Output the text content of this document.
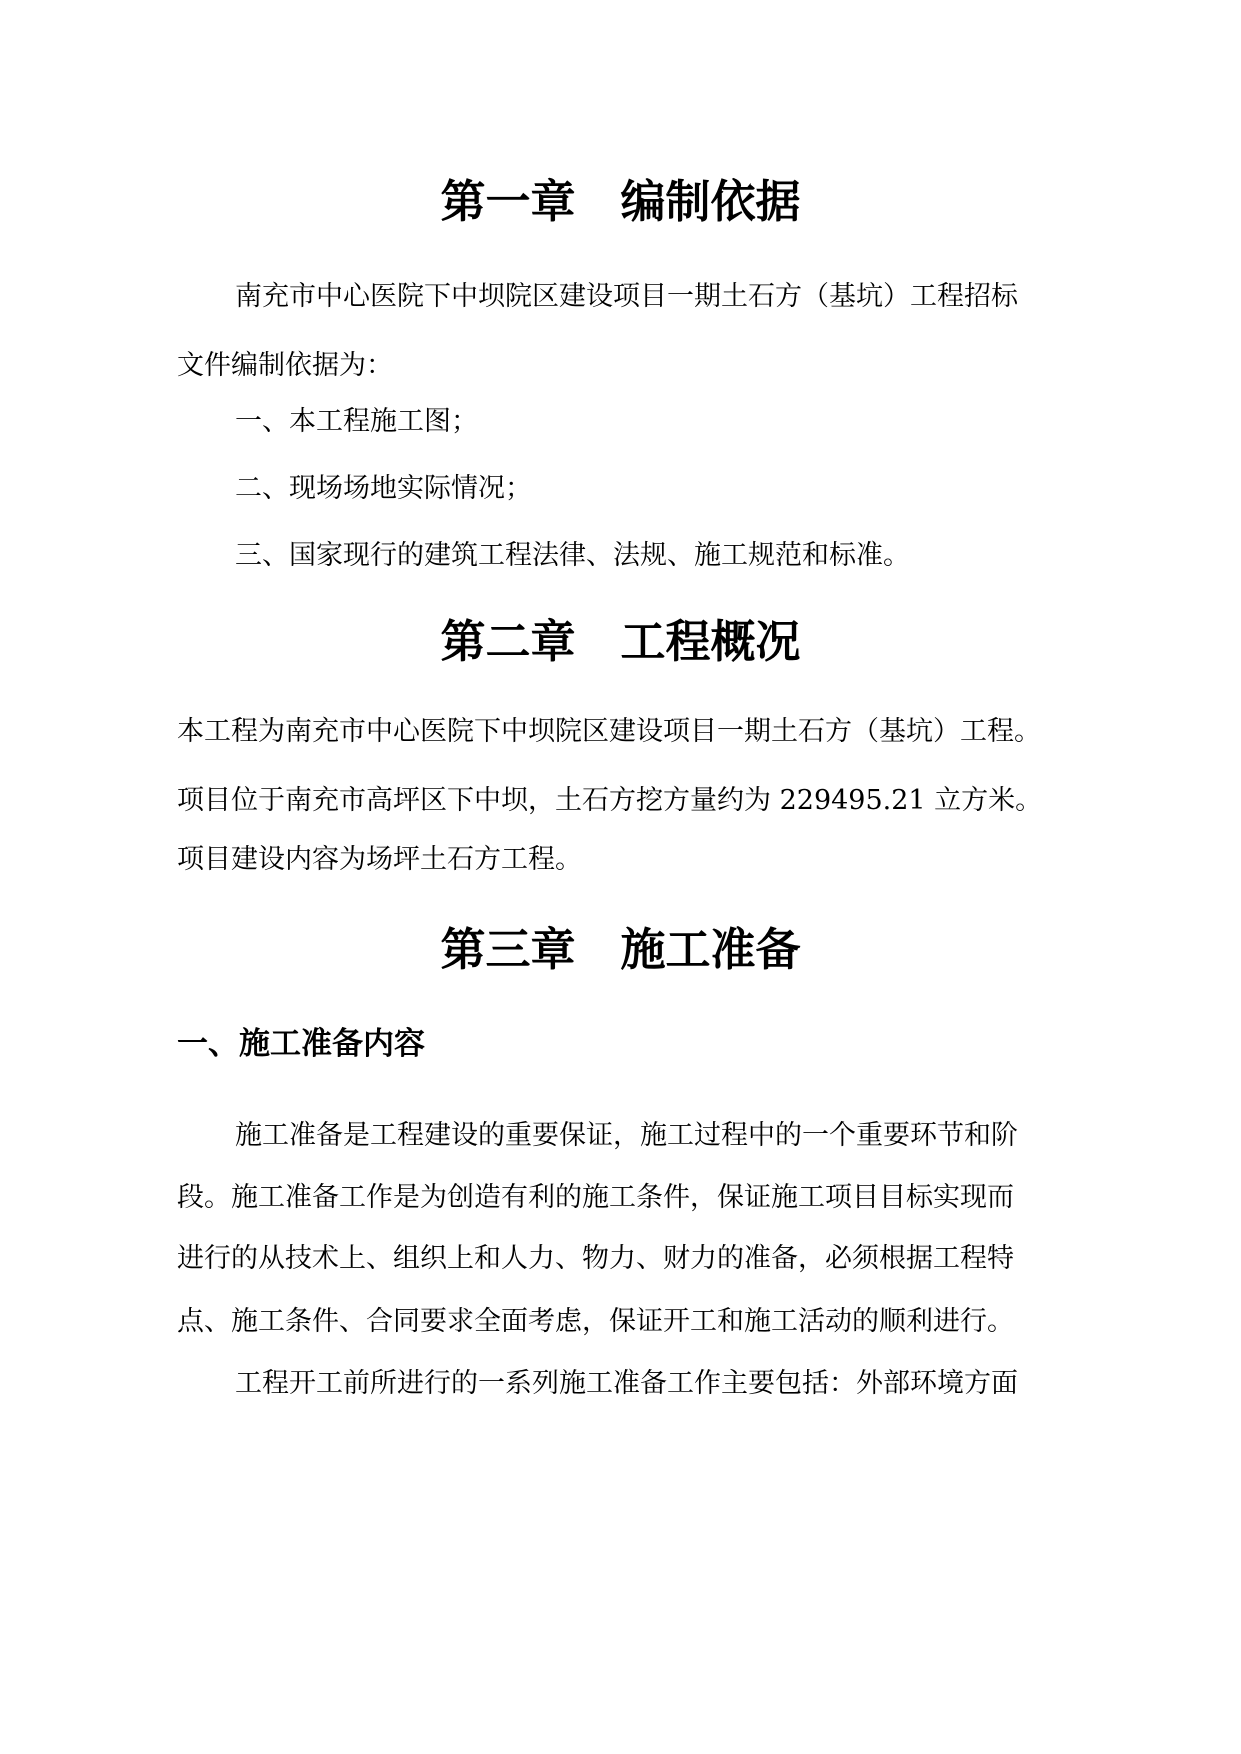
第一章　编制依据
南充市中心医院下中坝院区建设项目一期土石方（基坑）工程招标
文件编制依据为：
一、本工程施工图；
二、现场场地实际情况；
三、国家现行的建筑工程法律、法规、施工规范和标准。
第二章　工程概况
本工程为南充市中心医院下中坝院区建设项目一期土石方（基坑）工程。
项目位于南充市高坪区下中坝，土石方挖方量约为 229495.21 立方米。
项目建设内容为场坪土石方工程。
第三章　施工准备
一、施工准备内容
施工准备是工程建设的重要保证，施工过程中的一个重要环节和阶
段。施工准备工作是为创造有利的施工条件，保证施工项目目标实现而
进行的从技术上、组织上和人力、物力、财力的准备，必须根据工程特
点、施工条件、合同要求全面考虑，保证开工和施工活动的顺利进行。
工程开工前所进行的一系列施工准备工作主要包括：外部环境方面
